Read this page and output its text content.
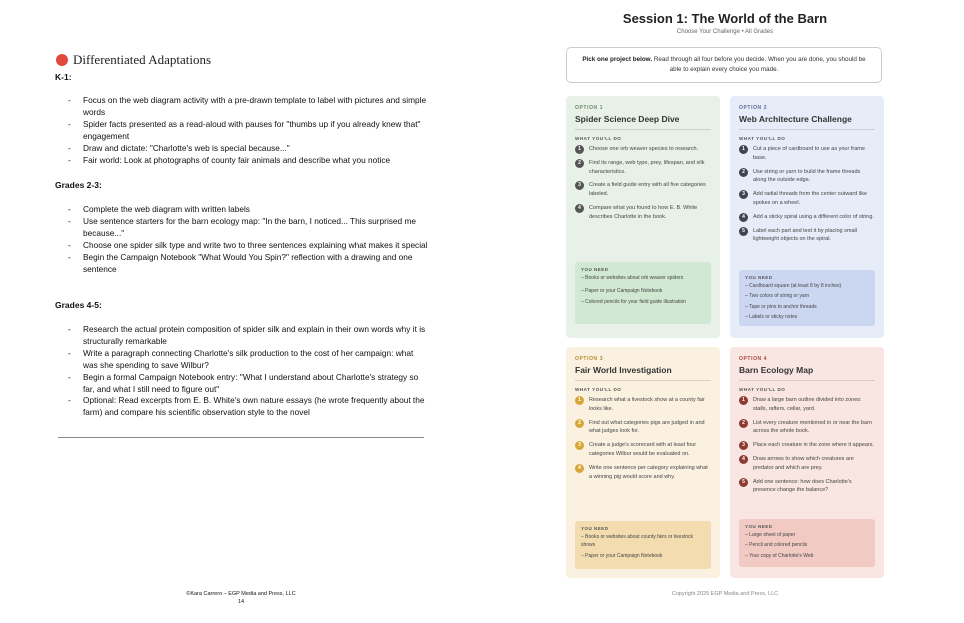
Differentiated Adaptations
K-1:
- Focus on the web diagram activity with a pre-drawn template to label with pictures and simple words
- Spider facts presented as a read-aloud with pauses for "thumbs up if you already knew that" engagement
- Draw and dictate: "Charlotte's web is special because..."
- Fair world: Look at photographs of county fair animals and describe what you notice
Grades 2-3:
- Complete the web diagram with written labels
- Use sentence starters for the barn ecology map: "In the barn, I noticed... This surprised me because..."
- Choose one spider silk type and write two to three sentences explaining what makes it special
- Begin the Campaign Notebook "What Would You Spin?" reflection with a drawing and one sentence
Grades 4-5:
- Research the actual protein composition of spider silk and explain in their own words why it is structurally remarkable
- Write a paragraph connecting Charlotte's silk production to the cost of her campaign: what was she spending to save Wilbur?
- Begin a formal Campaign Notebook entry: "What I understand about Charlotte's strategy so far, and what I still need to figure out"
- Optional: Read excerpts from E. B. White's own nature essays (he wrote frequently about the farm) and compare his scientific observation style to the novel
©Kara Carrero – EGP Media and Press, LLC
14
Session 1: The World of the Barn
Choose Your Challenge • All Grades
Pick one project below. Read through all four before you decide. When you are done, you should be able to explain every choice you made.
OPTION 1
Spider Science Deep Dive
WHAT YOU'LL DO
1	Choose one orb weaver species to research.
2	Find its range, web type, prey, lifespan, and silk characteristics.
3	Create a field guide entry with all five categories labeled.
4	Compare what you found to how E. B. White describes Charlotte in the book.
YOU NEED
– Books or websites about orb weaver spiders
– Paper or your Campaign Notebook
– Colored pencils for your field guide illustration
OPTION 2
Web Architecture Challenge
WHAT YOU'LL DO
1	Cut a piece of cardboard to use as your frame base.
2	Use string or yarn to build the frame threads along the outside edge.
3	Add radial threads from the center outward like spokes on a wheel.
4	Add a sticky spiral using a different color of string.
5	Label each part and test it by placing small lightweight objects on the spiral.
YOU NEED
– Cardboard square (at least 8 by 8 inches)
– Two colors of string or yarn
– Tape or pins to anchor threads
– Labels or sticky notes
OPTION 3
Fair World Investigation
WHAT YOU'LL DO
1	Research what a livestock show at a county fair looks like.
2	Find out what categories pigs are judged in and what judges look for.
3	Create a judge's scorecard with at least four categories Wilbur would be evaluated on.
4	Write one sentence per category explaining what a winning pig would score and why.
YOU NEED
– Books or websites about county fairs or livestock shows
– Paper or your Campaign Notebook
OPTION 4
Barn Ecology Map
WHAT YOU'LL DO
1	Draw a large barn outline divided into zones: stalls, rafters, cellar, yard.
2	List every creature mentioned in or near the barn across the whole book.
3	Place each creature in the zone where it appears.
4	Draw arrows to show which creatures are predator and which are prey.
5	Add one sentence: how does Charlotte's presence change the balance?
YOU NEED
– Large sheet of paper
– Pencil and colored pencils
– Your copy of Charlotte's Web
Copyright 2025 EGP Media and Press, LLC
